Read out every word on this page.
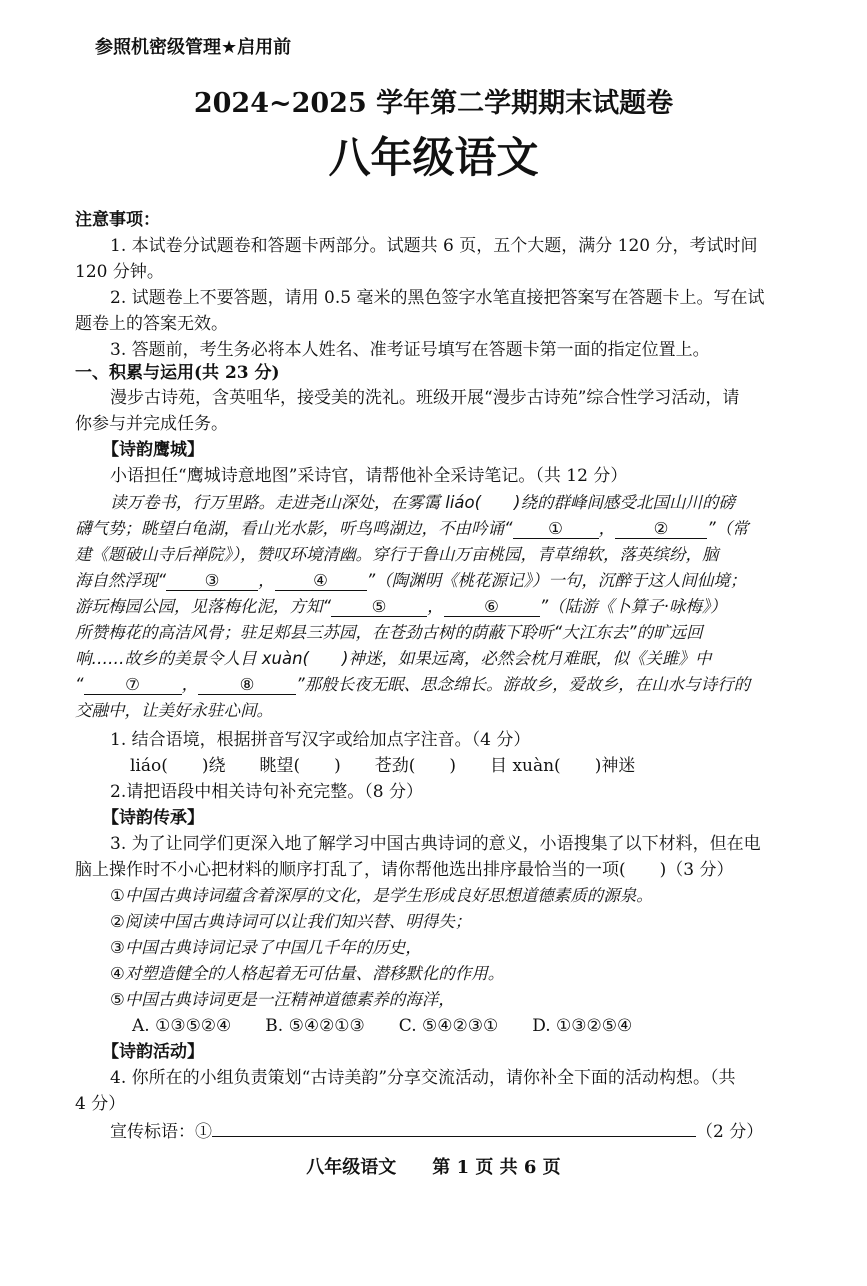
参照机密级管理★启用前
2024~2025 学年第二学期期末试题卷
八年级语文
注意事项：
1. 本试卷分试题卷和答题卡两部分。试题共 6 页，五个大题，满分 120 分，考试时间
120 分钟。
2. 试题卷上不要答题，请用 0.5 毫米的黑色签字水笔直接把答案写在答题卡上。写在试
题卷上的答案无效。
3. 答题前，考生务必将本人姓名、准考证号填写在答题卡第一面的指定位置上。
一、积累与运用(共 23 分)
漫步古诗苑，含英咀华，接受美的洗礼。班级开展“漫步古诗苑”综合性学习活动，请
你参与并完成任务。
【诗韵鹰城】
小语担任“鹰城诗意地图”采诗官，请帮他补全采诗笔记。（共 12 分）
读万卷书，行万里路。走进尧山深处，在雾霭 liáo(　　)绕的群峰间感受北国山川的磅
礴气势；眺望白龟湖，看山光水影，听鸟鸣湖边，不由吟诵“ ① ， ② ”（常
建《题破山寺后禅院》），赞叹环境清幽。穿行于鲁山万亩桃园，青草绵软，落英缤纷，脑
海自然浮现“ ③ ， ④ ”（陶渊明《桃花源记》）一句，沉醉于这人间仙境；
游玩梅园公园，见落梅化泥，方知“ ⑤ ， ⑥ ”（陆游《卜算子·咏梅》）
所赞梅花的高洁风骨；驻足郏县三苏园，在苍劲古树的荫蔽下聆听“大江东去”的旷远回
响……故乡的美景令人目 xuàn(　　)神迷，如果远离，必然会枕月难眠，似《关雎》中
“	⑦	，	⑧	”那般长夜无眠、思念绵长。游故乡，爱故乡，在山水与诗行的
交融中，让美好永驻心间。
1. 结合语境，根据拼音写汉字或给加点字注音。（4 分）
liáo(　　)绕　　眺望(　　)　　苍劲(　　)　　目 xuàn(　　)神迷
2.请把语段中相关诗句补充完整。（8 分）
【诗韵传承】
3. 为了让同学们更深入地了解学习中国古典诗词的意义，小语搜集了以下材料，但在电
脑上操作时不小心把材料的顺序打乱了，请你帮他选出排序最恰当的一项(　　)（3 分）
①中国古典诗词蕴含着深厚的文化，是学生形成良好思想道德素质的源泉。
②阅读中国古典诗词可以让我们知兴替、明得失；
③中国古典诗词记录了中国几千年的历史，
④对塑造健全的人格起着无可估量、潜移默化的作用。
⑤中国古典诗词更是一汪精神道德素养的海洋，
A. ①③⑤②④　　B. ⑤④②①③　　C. ⑤④②③①　　D. ①③②⑤④
【诗韵活动】
4. 你所在的小组负责策划“古诗美韵”分享交流活动，请你补全下面的活动构想。（共
4 分）
宣传标语：①	（2 分）
八年级语文　　第 1 页 共 6 页
